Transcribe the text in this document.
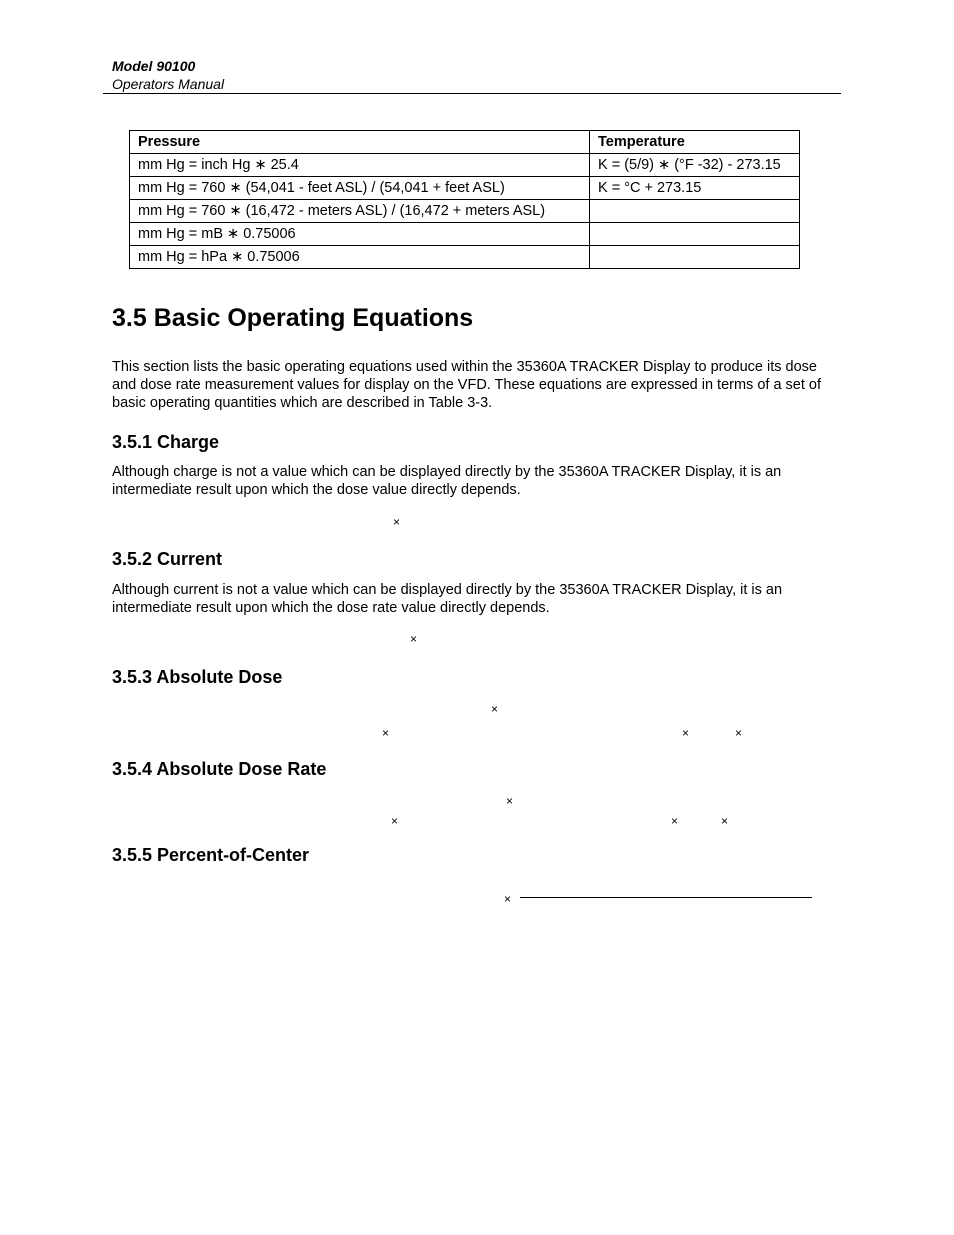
Model 90100
Operators Manual
Pressure	Temperature
mm Hg = inch Hg ∗ 25.4	K = (5/9) ∗ (°F -32) - 273.15
mm Hg = 760 ∗ (54,041 - feet ASL) / (54,041 + feet ASL)	K = °C + 273.15
mm Hg = 760 ∗ (16,472 - meters ASL) / (16,472 + meters ASL)	
mm Hg = mB ∗ 0.75006	
mm Hg = hPa ∗ 0.75006	
3.5 Basic Operating Equations

This section lists the basic operating equations used within the 35360A TRACKER Display to produce its dose and dose rate measurement values for display on the VFD. These equations are expressed in terms of a set of basic operating quantities which are described in Table 3-3.

3.5.1 Charge

Although charge is not a value which can be displayed directly by the 35360A TRACKER Display, it is an intermediate result upon which the dose value directly depends.

×
3.5.2 Current

Although current is not a value which can be displayed directly by the 35360A TRACKER Display, it is an intermediate result upon which the dose rate value directly depends.

×
3.5.3 Absolute Dose
×
×	×	×
3.5.4 Absolute Dose Rate
×
×	×	×
3.5.5 Percent-of-Center
×
